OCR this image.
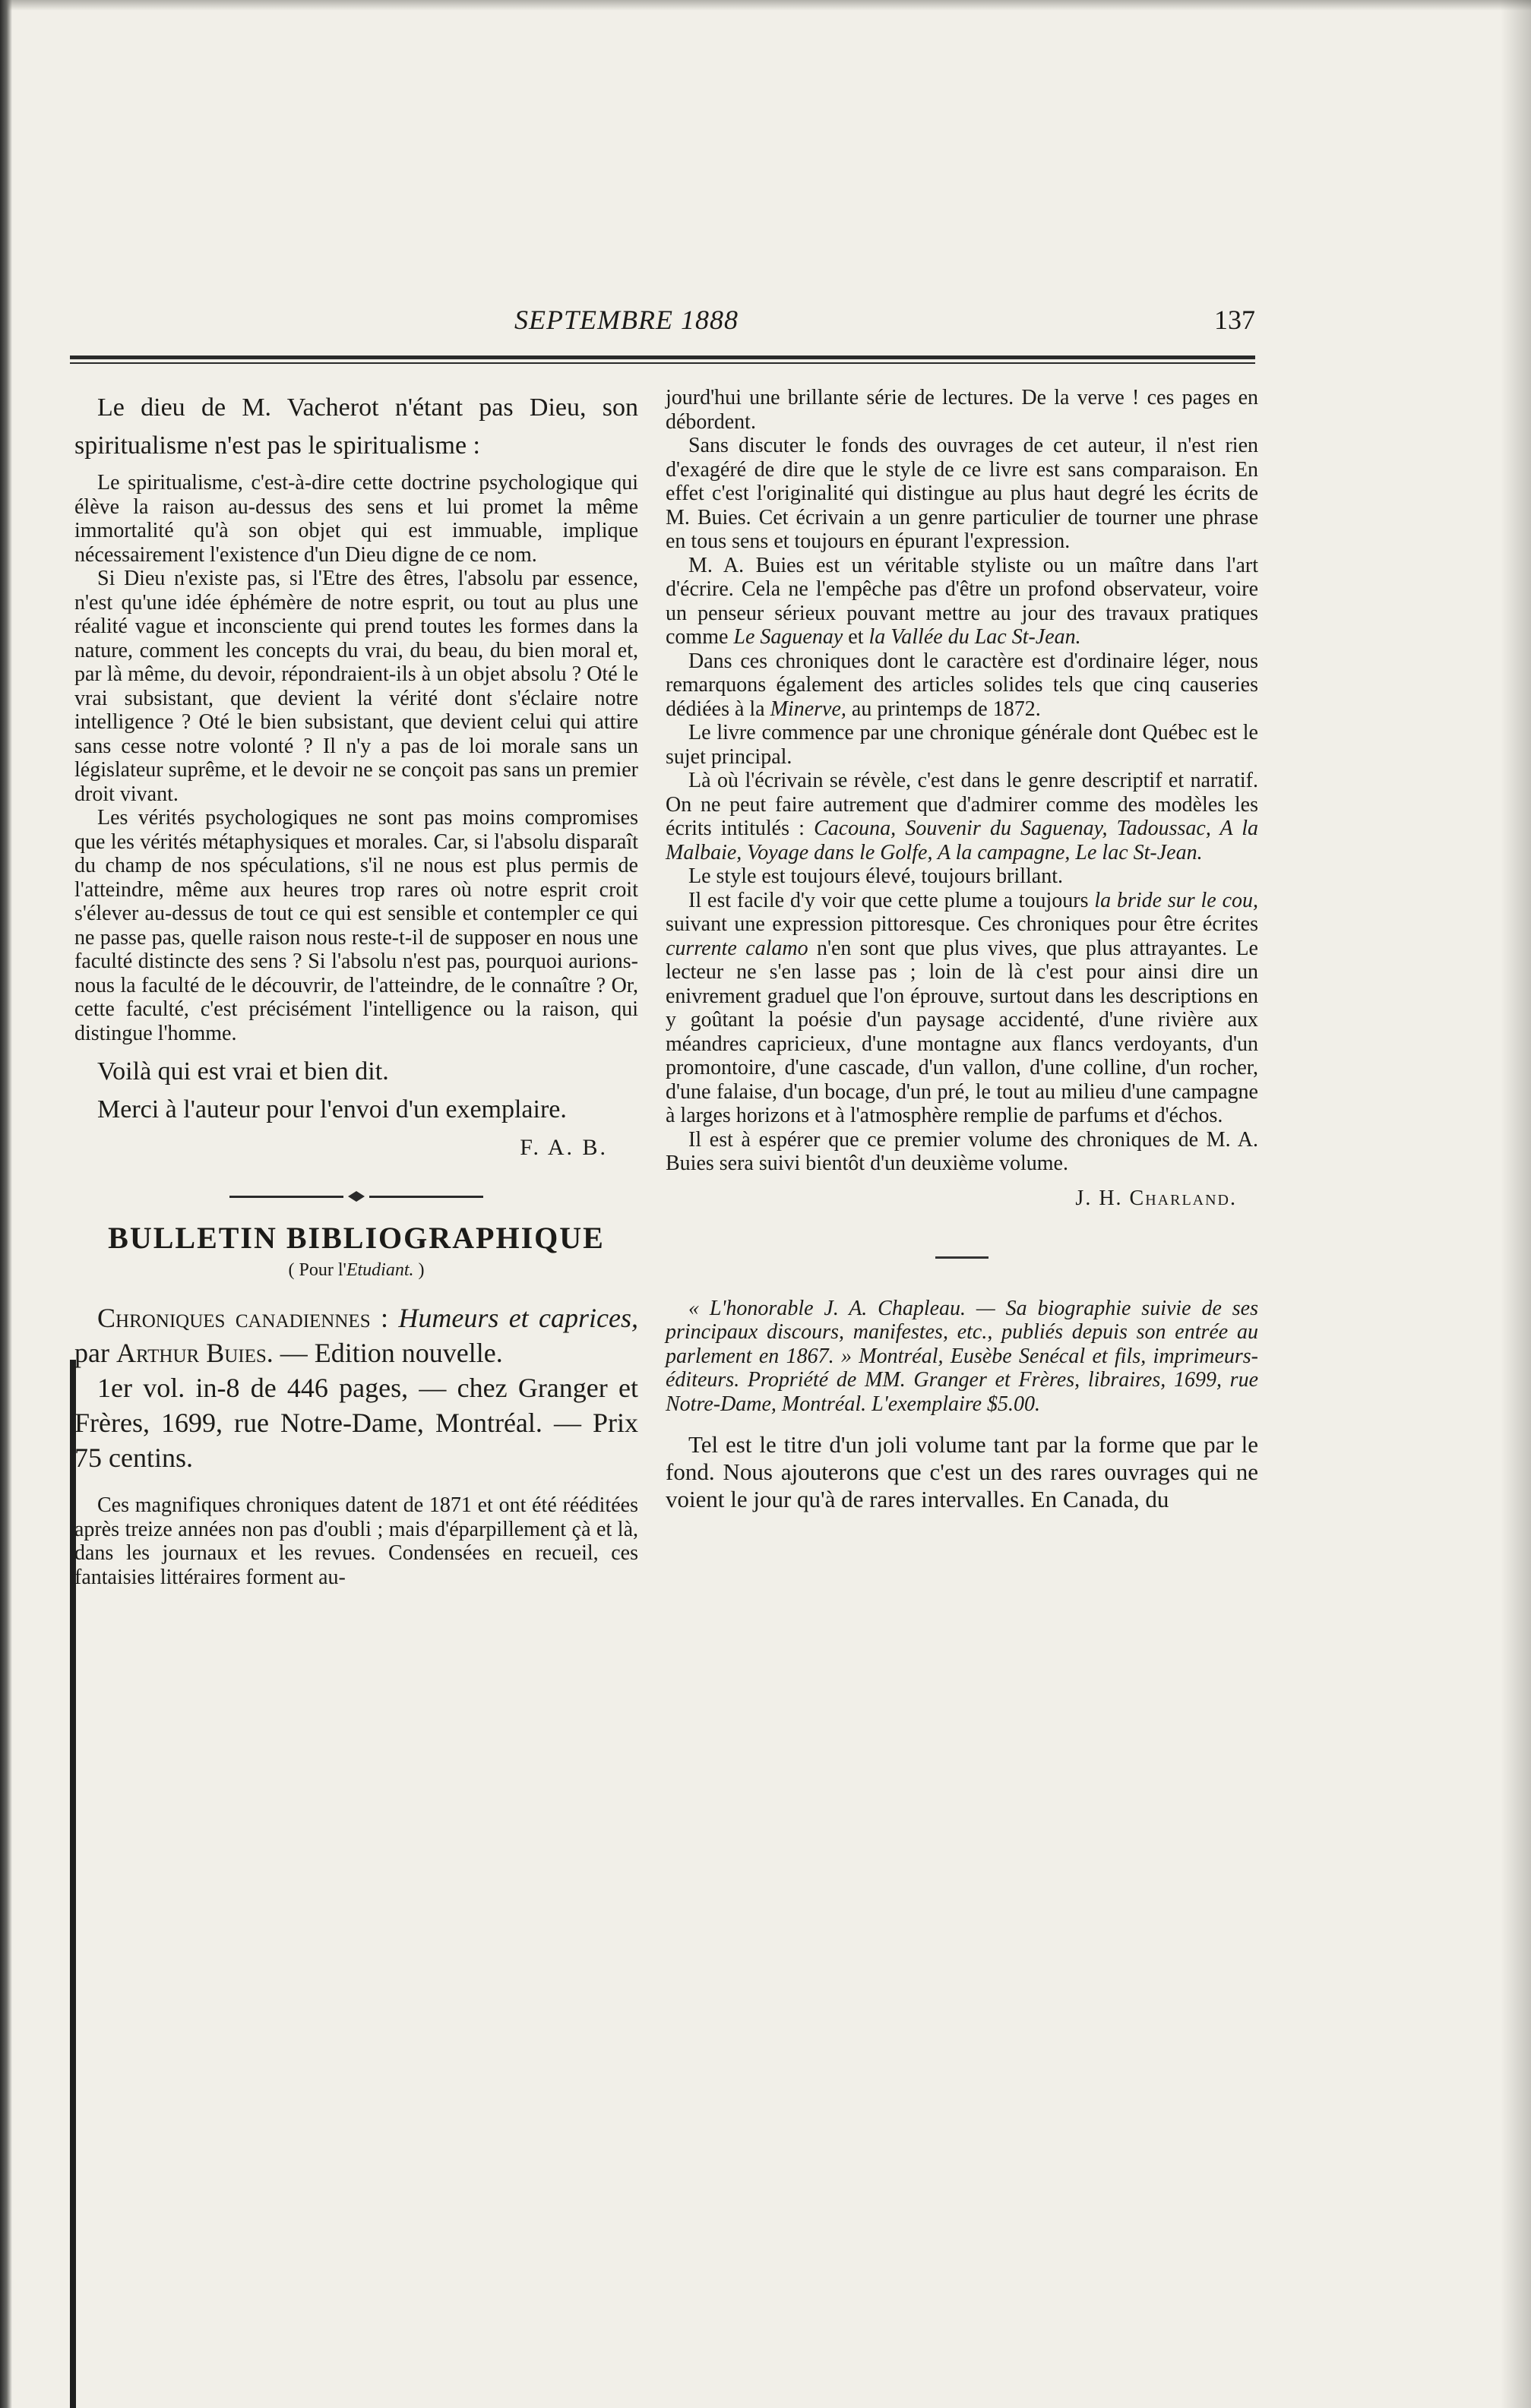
SEPTEMBRE 1888	137

Le dieu de M. Vacherot n'étant pas Dieu, son spiritualisme n'est pas le spiritualisme :

Le spiritualisme, c'est-à-dire cette doctrine psychologique qui élève la raison au-dessus des sens et lui promet la même immortalité qu'à son objet qui est immuable, implique nécessairement l'existence d'un Dieu digne de ce nom.

Si Dieu n'existe pas, si l'Etre des êtres, l'absolu par essence, n'est qu'une idée éphémère de notre esprit, ou tout au plus une réalité vague et inconsciente qui prend toutes les formes dans la nature, comment les concepts du vrai, du beau, du bien moral et, par là même, du devoir, répondraient-ils à un objet absolu ? Oté le vrai subsistant, que devient la vérité dont s'éclaire notre intelligence ? Oté le bien subsistant, que devient celui qui attire sans cesse notre volonté ? Il n'y a pas de loi morale sans un législateur suprême, et le devoir ne se conçoit pas sans un premier droit vivant.

Les vérités psychologiques ne sont pas moins compromises que les vérités métaphysiques et morales. Car, si l'absolu disparaît du champ de nos spéculations, s'il ne nous est plus permis de l'atteindre, même aux heures trop rares où notre esprit croit s'élever au-dessus de tout ce qui est sensible et contempler ce qui ne passe pas, quelle raison nous reste-t-il de supposer en nous une faculté distincte des sens ? Si l'absolu n'est pas, pourquoi aurions-nous la faculté de le découvrir, de l'atteindre, de le connaître ? Or, cette faculté, c'est précisément l'intelligence ou la raison, qui distingue l'homme.

Voilà qui est vrai et bien dit.

Merci à l'auteur pour l'envoi d'un exemplaire.

F. A. B.

BULLETIN BIBLIOGRAPHIQUE
( Pour l'Etudiant. )

Chroniques canadiennes : Humeurs et caprices, par Arthur Buies. — Edition nouvelle.

1er vol. in-8 de 446 pages, — chez Granger et Frères, 1699, rue Notre-Dame, Montréal. — Prix 75 centins.

Ces magnifiques chroniques datent de 1871 et ont été rééditées après treize années non pas d'oubli ; mais d'éparpillement çà et là, dans les journaux et les revues. Condensées en recueil, ces fantaisies littéraires forment au-

jourd'hui une brillante série de lectures. De la verve ! ces pages en débordent.

Sans discuter le fonds des ouvrages de cet auteur, il n'est rien d'exagéré de dire que le style de ce livre est sans comparaison. En effet c'est l'originalité qui distingue au plus haut degré les écrits de M. Buies. Cet écrivain a un genre particulier de tourner une phrase en tous sens et toujours en épurant l'expression.

M. A. Buies est un véritable styliste ou un maître dans l'art d'écrire. Cela ne l'empêche pas d'être un profond observateur, voire un penseur sérieux pouvant mettre au jour des travaux pratiques comme Le Saguenay et la Vallée du Lac St-Jean.

Dans ces chroniques dont le caractère est d'ordinaire léger, nous remarquons également des articles solides tels que cinq causeries dédiées à la Minerve, au printemps de 1872.

Le livre commence par une chronique générale dont Québec est le sujet principal.

Là où l'écrivain se révèle, c'est dans le genre descriptif et narratif. On ne peut faire autrement que d'admirer comme des modèles les écrits intitulés : Cacouna, Souvenir du Saguenay, Tadoussac, A la Malbaie, Voyage dans le Golfe, A la campagne, Le lac St-Jean.

Le style est toujours élevé, toujours brillant.

Il est facile d'y voir que cette plume a toujours la bride sur le cou, suivant une expression pittoresque. Ces chroniques pour être écrites currente calamo n'en sont que plus vives, que plus attrayantes. Le lecteur ne s'en lasse pas ; loin de là c'est pour ainsi dire un enivrement graduel que l'on éprouve, surtout dans les descriptions en y goûtant la poésie d'un paysage accidenté, d'une rivière aux méandres capricieux, d'une montagne aux flancs verdoyants, d'un promontoire, d'une cascade, d'un vallon, d'une colline, d'un rocher, d'une falaise, d'un bocage, d'un pré, le tout au milieu d'une campagne à larges horizons et à l'atmosphère remplie de parfums et d'échos.

Il est à espérer que ce premier volume des chroniques de M. A. Buies sera suivi bientôt d'un deuxième volume.

J. H. Charland.

« L'honorable J. A. Chapleau. — Sa biographie suivie de ses principaux discours, manifestes, etc., publiés depuis son entrée au parlement en 1867. » Montréal, Eusèbe Senécal et fils, imprimeurs-éditeurs. Propriété de MM. Granger et Frères, libraires, 1699, rue Notre-Dame, Montréal. L'exemplaire $5.00.

Tel est le titre d'un joli volume tant par la forme que par le fond. Nous ajouterons que c'est un des rares ouvrages qui ne voient le jour qu'à de rares intervalles. En Canada, du
